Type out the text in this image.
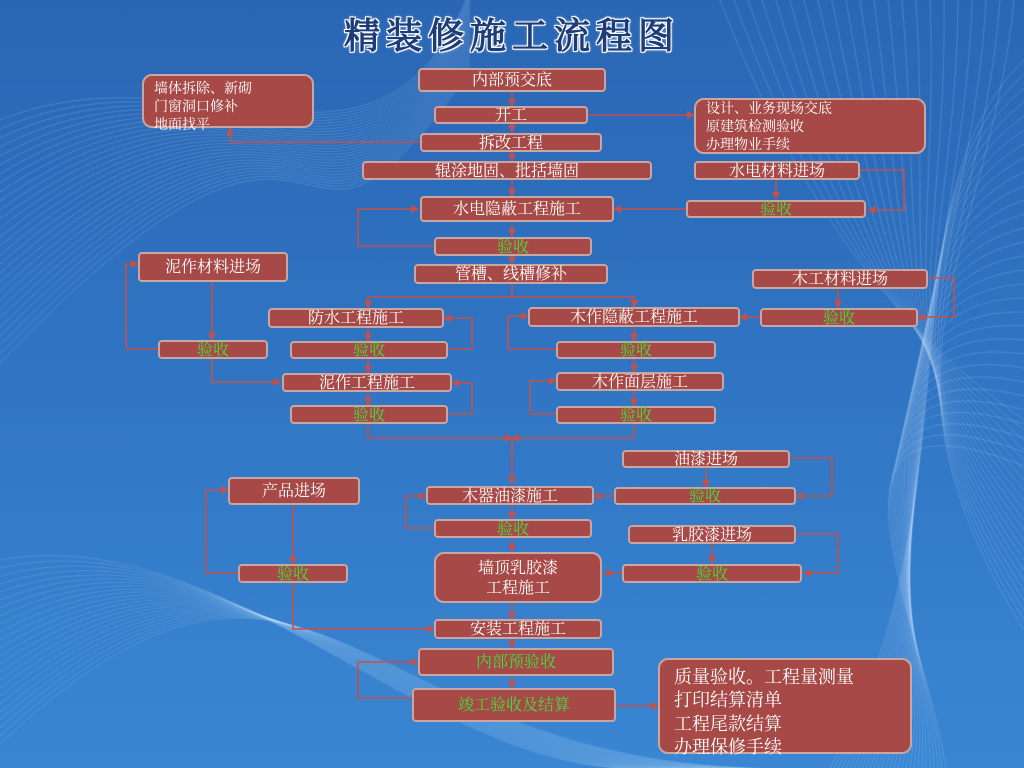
精装修施工流程图
墙体拆除、新砌
门窗洞口修补
地面找平
设计、业务现场交底
原建筑检测验收
办理物业手续
质量验收。工程量测量
打印结算清单
工程尾款结算
办理保修手续
内部预交底
开工
拆改工程
辊涂地固、批括墙固	水电材料进场
水电隐蔽工程施工	验收
验收
管槽、线槽修补
泥作材料进场
验收
防水工程施工
验收
泥作工程施工
验收
木作隐蔽工程施工
木工材料进场
验收
验收
木作面层施工
验收
油漆进场
验收
木器油漆施工
验收	乳胶漆进场
验收
产品进场
验收	墙顶乳胶漆
工程施工
安装工程施工
内部预验收
竣工验收及结算
